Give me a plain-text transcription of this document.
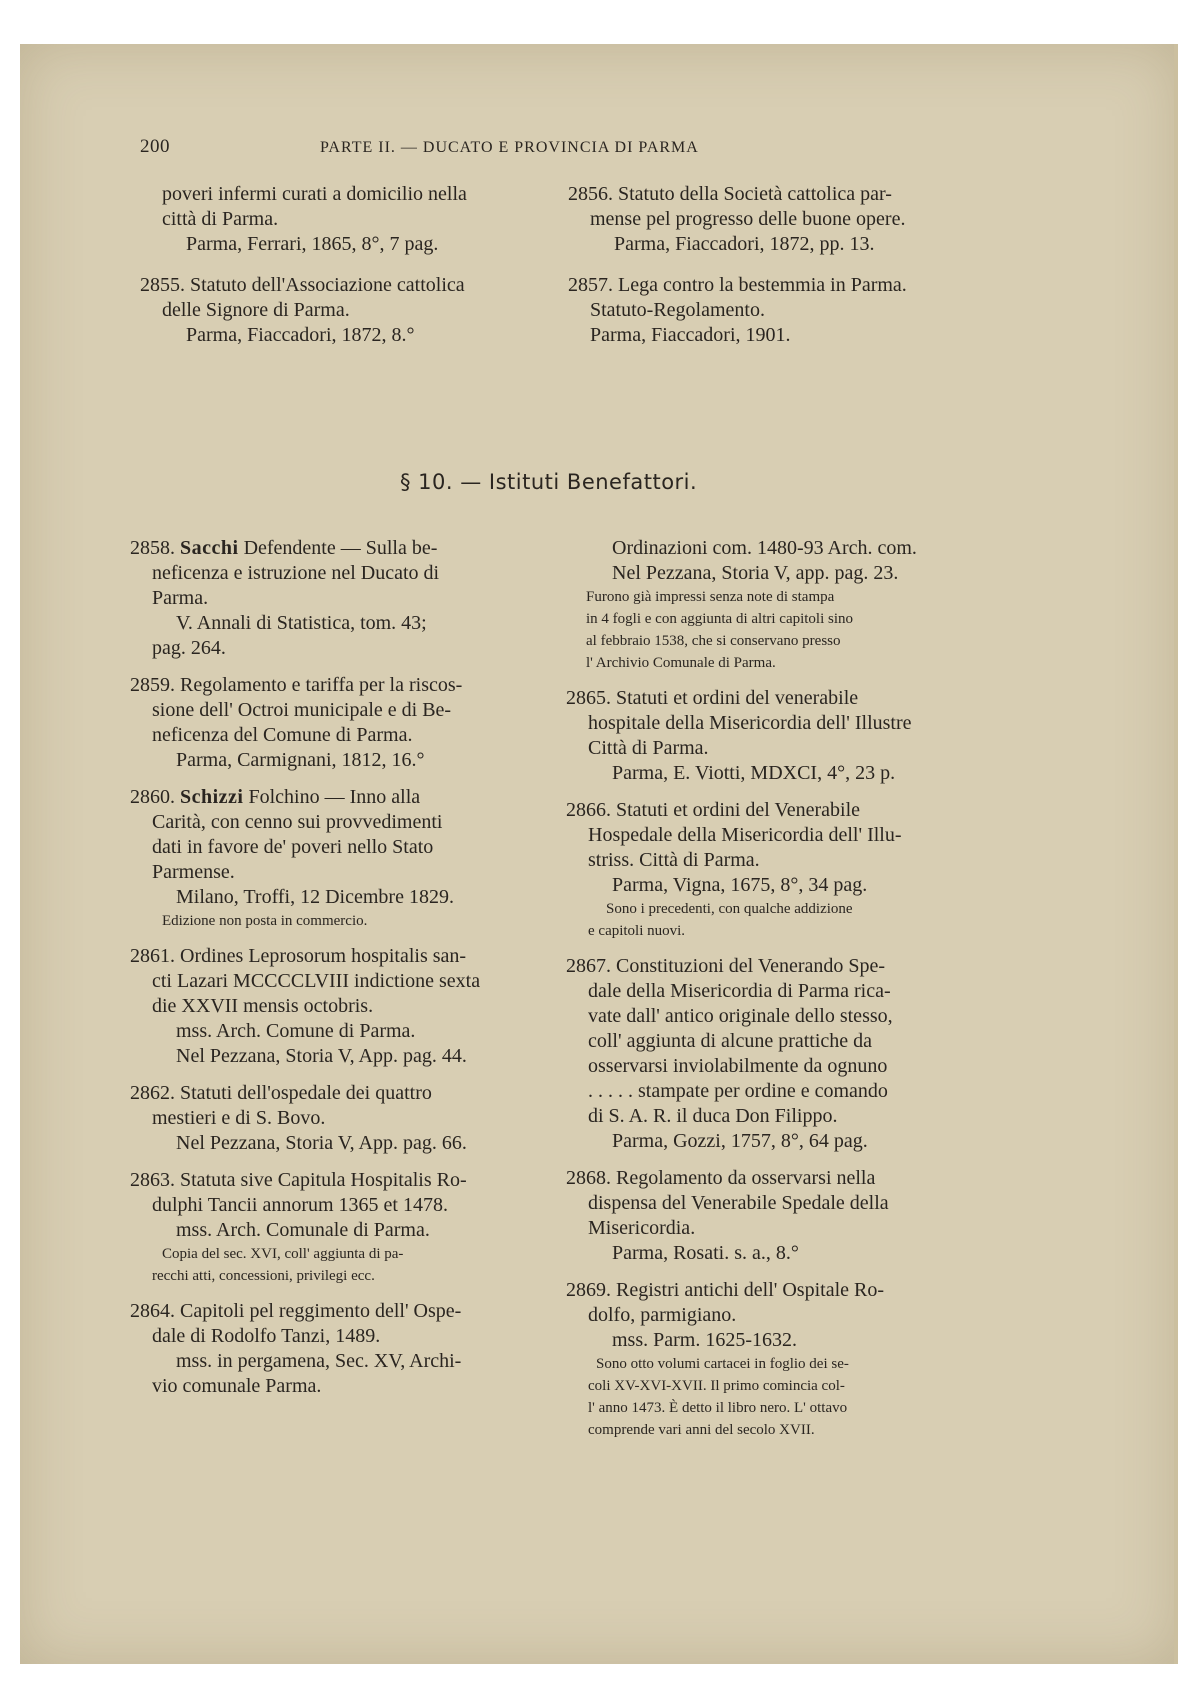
200	PARTE II. — DUCATO E PROVINCIA DI PARMA
poveri infermi curati a domicilio nella
città di Parma.
Parma, Ferrari, 1865, 8°, 7 pag.
2855. Statuto dell'Associazione cattolica
delle Signore di Parma.
Parma, Fiaccadori, 1872, 8.°
2856. Statuto della Società cattolica par-
mense pel progresso delle buone opere.
Parma, Fiaccadori, 1872, pp. 13.
2857. Lega contro la bestemmia in Parma.
Statuto-Regolamento.
Parma, Fiaccadori, 1901.
§ 10. — Istituti Benefattori.
2858. Sacchi Defendente — Sulla be-
neficenza e istruzione nel Ducato di
Parma.
V. Annali di Statistica, tom. 43;
pag. 264.
2859. Regolamento e tariffa per la riscos-
sione dell' Octroi municipale e di Be-
neficenza del Comune di Parma.
Parma, Carmignani, 1812, 16.°
2860. Schizzi Folchino — Inno alla
Carità, con cenno sui provvedimenti
dati in favore de' poveri nello Stato
Parmense.
Milano, Troffi, 12 Dicembre 1829.
Edizione non posta in commercio.
2861. Ordines Leprosorum hospitalis san-
cti Lazari MCCCCLVIII indictione sexta
die XXVII mensis octobris.
mss. Arch. Comune di Parma.
Nel Pezzana, Storia V, App. pag. 44.
2862. Statuti dell'ospedale dei quattro
mestieri e di S. Bovo.
Nel Pezzana, Storia V, App. pag. 66.
2863. Statuta sive Capitula Hospitalis Ro-
dulphi Tancii annorum 1365 et 1478.
mss. Arch. Comunale di Parma.
Copia del sec. XVI, coll' aggiunta di pa-
recchi atti, concessioni, privilegi ecc.
2864. Capitoli pel reggimento dell' Ospe-
dale di Rodolfo Tanzi, 1489.
mss. in pergamena, Sec. XV, Archi-
vio comunale Parma.
Ordinazioni com. 1480-93 Arch. com.
Nel Pezzana, Storia V, app. pag. 23.
Furono già impressi senza note di stampa
in 4 fogli e con aggiunta di altri capitoli sino
al febbraio 1538, che si conservano presso
l' Archivio Comunale di Parma.
2865. Statuti et ordini del venerabile
hospitale della Misericordia dell' Illustre
Città di Parma.
Parma, E. Viotti, MDXCI, 4°, 23 p.
2866. Statuti et ordini del Venerabile
Hospedale della Misericordia dell' Illu-
striss. Città di Parma.
Parma, Vigna, 1675, 8°, 34 pag.
Sono i precedenti, con qualche addizione
e capitoli nuovi.
2867. Constituzioni del Venerando Spe-
dale della Misericordia di Parma rica-
vate dall' antico originale dello stesso,
coll' aggiunta di alcune prattiche da
osservarsi inviolabilmente da ognuno
. . . . . stampate per ordine e comando
di S. A. R. il duca Don Filippo.
Parma, Gozzi, 1757, 8°, 64 pag.
2868. Regolamento da osservarsi nella
dispensa del Venerabile Spedale della
Misericordia.
Parma, Rosati. s. a., 8.°
2869. Registri antichi dell' Ospitale Ro-
dolfo, parmigiano.
mss. Parm. 1625-1632.
Sono otto volumi cartacei in foglio dei se-
coli XV-XVI-XVII. Il primo comincia col-
l' anno 1473. È detto il libro nero. L' ottavo
comprende vari anni del secolo XVII.
